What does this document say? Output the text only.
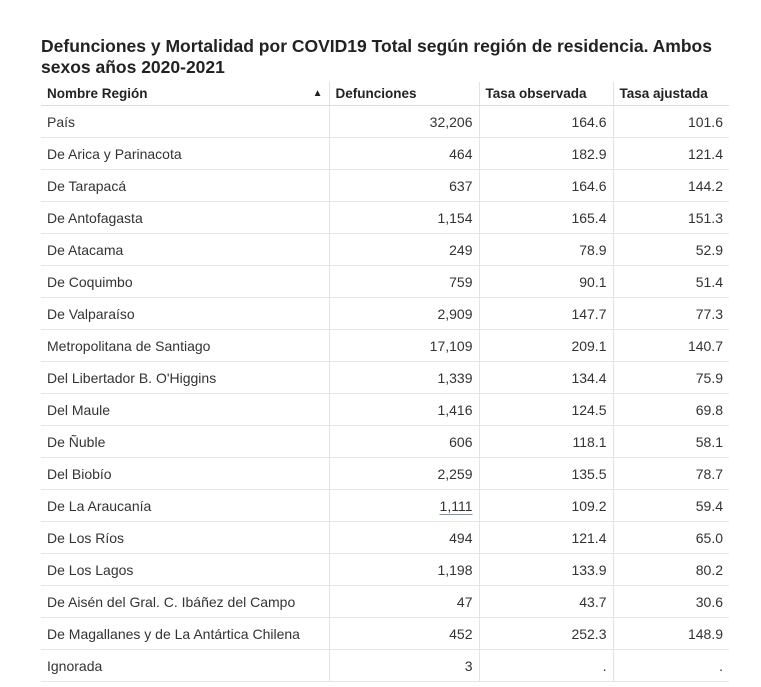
Defunciones y Mortalidad por COVID19 Total según región de residencia. Ambos sexos años 2020-2021
Nombre Región ▲	Defunciones	Tasa observada	Tasa ajustada
País	32,206	164.6	101.6
De Arica y Parinacota	464	182.9	121.4
De Tarapacá	637	164.6	144.2
De Antofagasta	1,154	165.4	151.3
De Atacama	249	78.9	52.9
De Coquimbo	759	90.1	51.4
De Valparaíso	2,909	147.7	77.3
Metropolitana de Santiago	17,109	209.1	140.7
Del Libertador B. O'Higgins	1,339	134.4	75.9
Del Maule	1,416	124.5	69.8
De Ñuble	606	118.1	58.1
Del Biobío	2,259	135.5	78.7
De La Araucanía	1,111	109.2	59.4
De Los Ríos	494	121.4	65.0
De Los Lagos	1,198	133.9	80.2
De Aisén del Gral. C. Ibáñez del Campo	47	43.7	30.6
De Magallanes y de La Antártica Chilena	452	252.3	148.9
Ignorada	3	.	.
